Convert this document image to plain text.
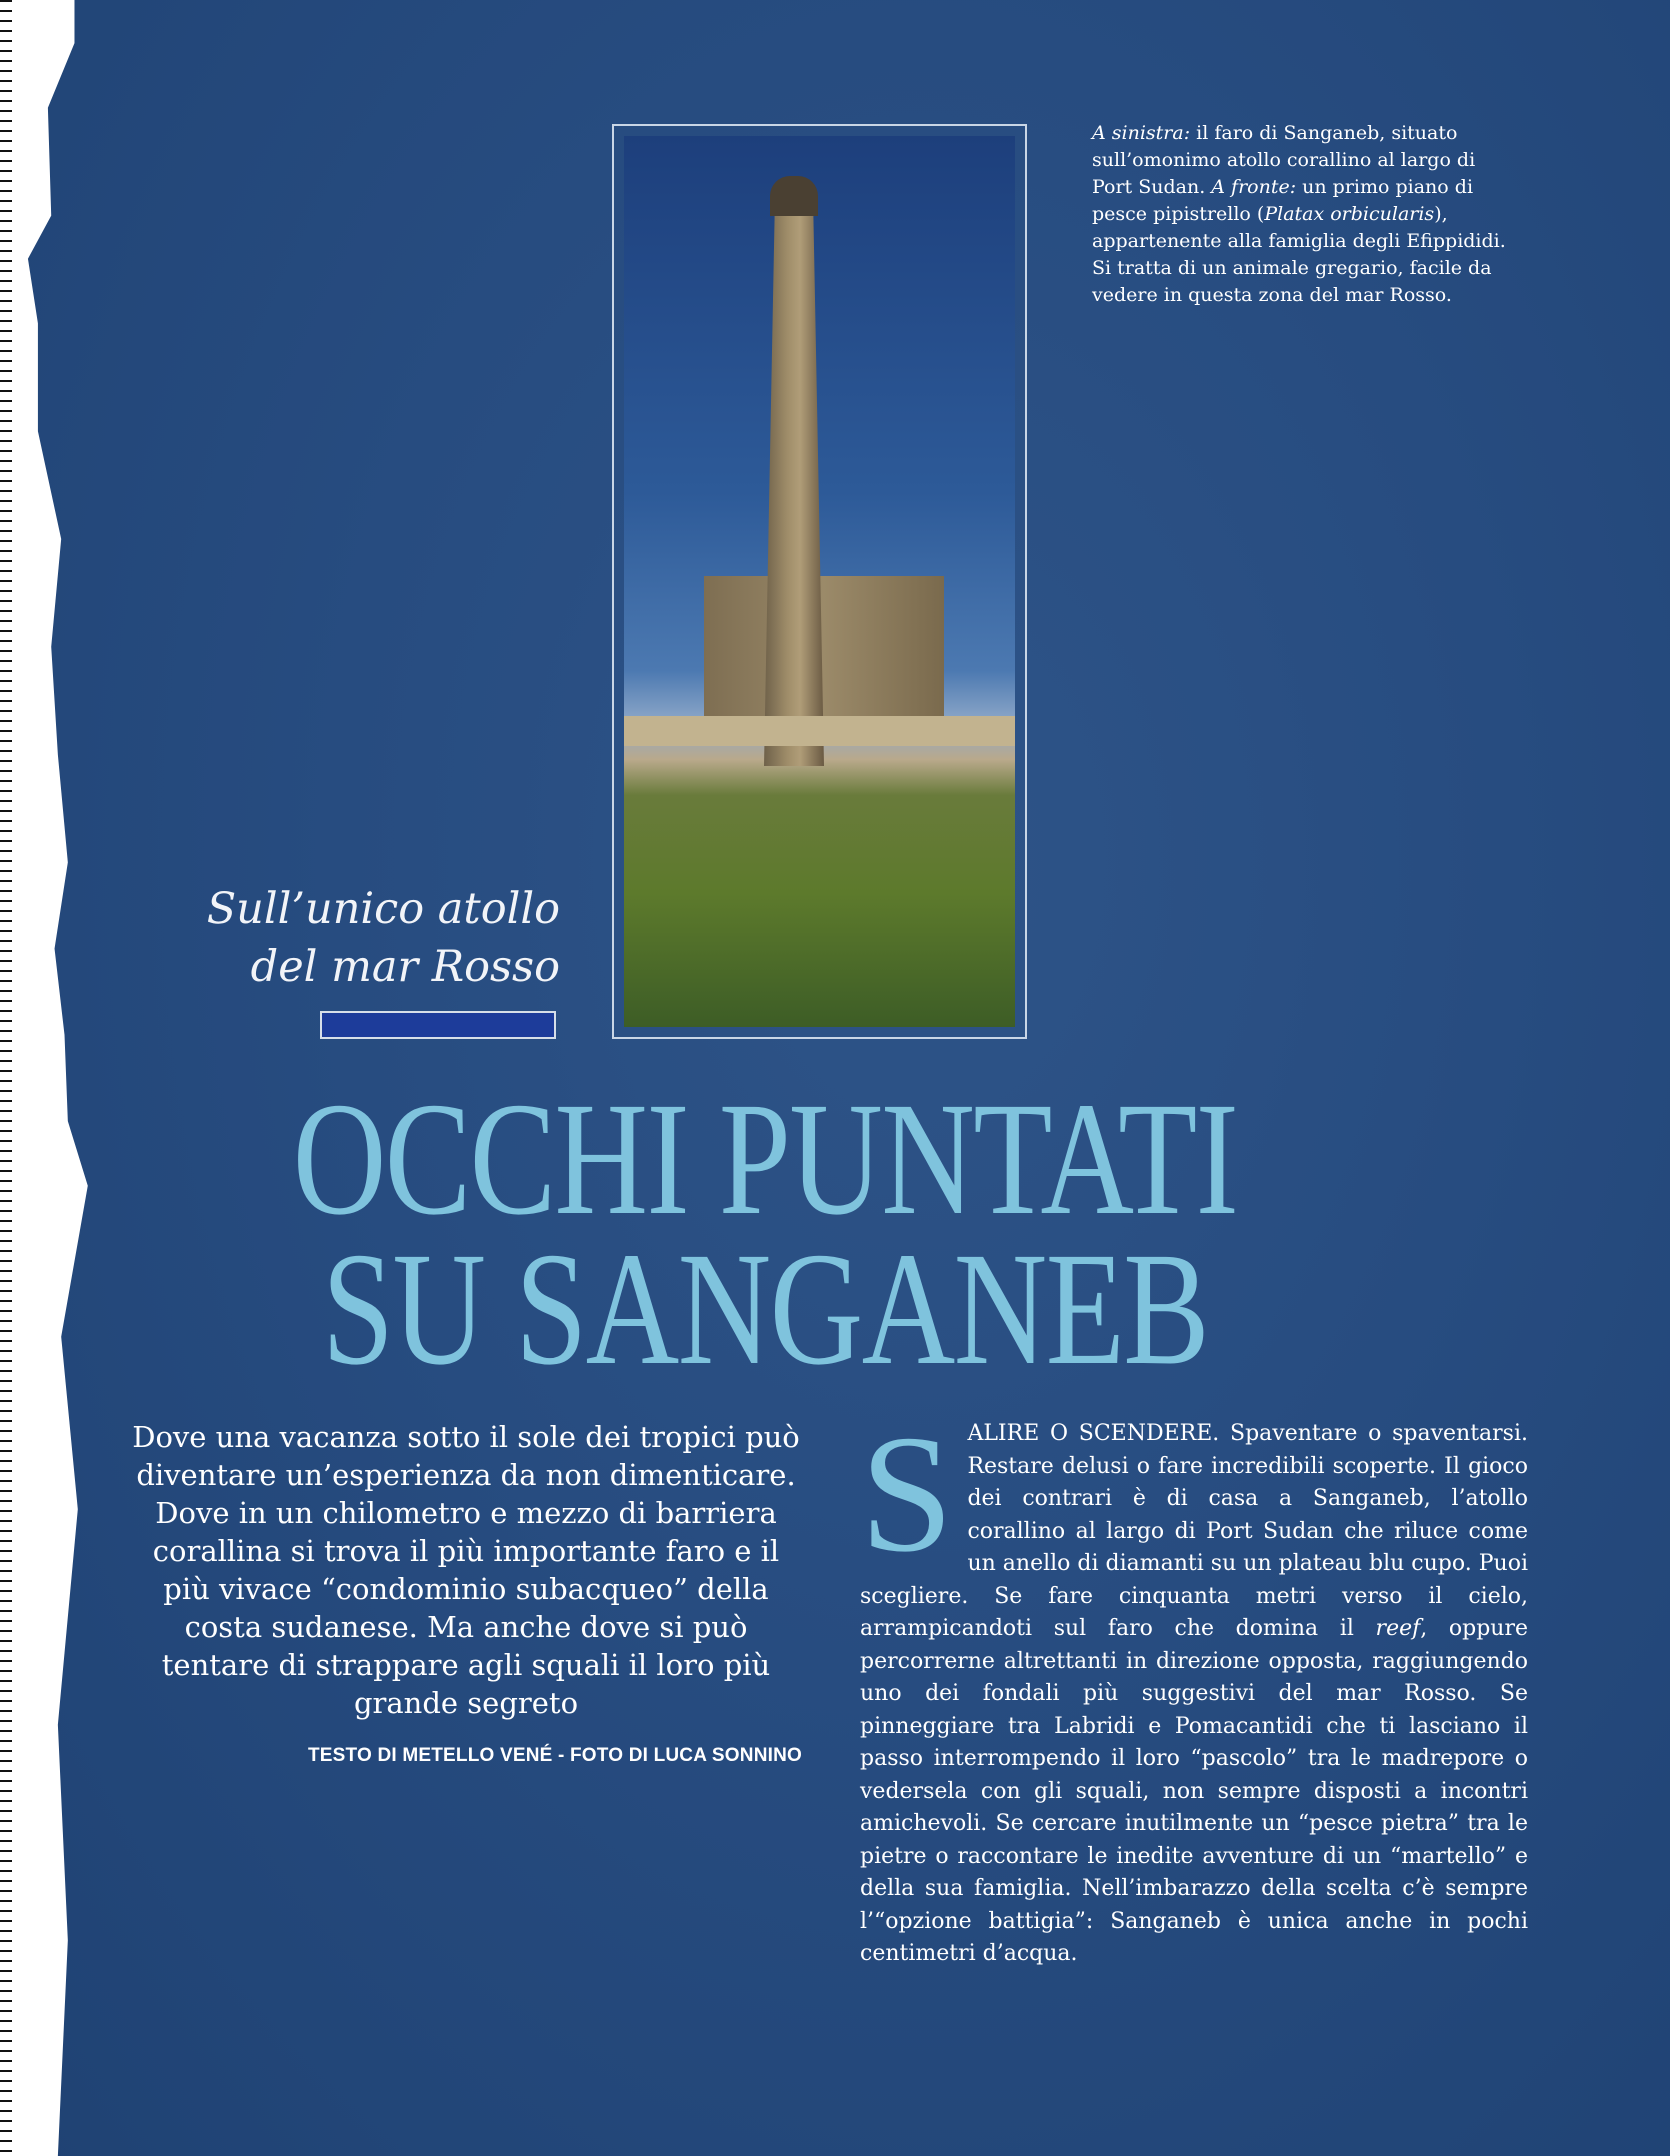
A sinistra: il faro di Sanganeb, situato sull’omonimo atollo corallino al largo di Port Sudan. A fronte: un primo piano di pesce pipistrello (Platax orbicularis), appartenente alla famiglia degli Efippididi. Si tratta di un animale gregario, facile da vedere in questa zona del mar Rosso.
Sull’unico atollo
del mar Rosso
OCCHI PUNTATI
SU SANGANEB
Dove una vacanza sotto il sole dei tropici può diventare un’esperienza da non dimenticare. Dove in un chilometro e mezzo di barriera corallina si trova il più importante faro e il più vivace “condominio subacqueo” della costa sudanese. Ma anche dove si può tentare di strappare agli squali il loro più grande segreto
TESTO DI METELLO VENÉ - FOTO DI LUCA SONNINO
SALIRE O SCENDERE. Spaventare o spaventarsi. Restare delusi o fare incredibili scoperte. Il gioco dei contrari è di casa a Sanganeb, l’atollo corallino al largo di Port Sudan che riluce come un anello di diamanti su un plateau blu cupo. Puoi scegliere. Se fare cinquanta metri verso il cielo, arrampicandoti sul faro che domina il reef, oppure percorrerne altrettanti in direzione opposta, raggiungendo uno dei fondali più suggestivi del mar Rosso. Se pinneggiare tra Labridi e Pomacantidi che ti lasciano il passo interrompendo il loro “pascolo” tra le madrepore o vedersela con gli squali, non sempre disposti a incontri amichevoli. Se cercare inutilmente un “pesce pietra” tra le pietre o raccontare le inedite avventure di un “martello” e della sua famiglia. Nell’imbarazzo della scelta c’è sempre l’“opzione battigia”: Sanganeb è unica anche in pochi centimetri d’acqua.
